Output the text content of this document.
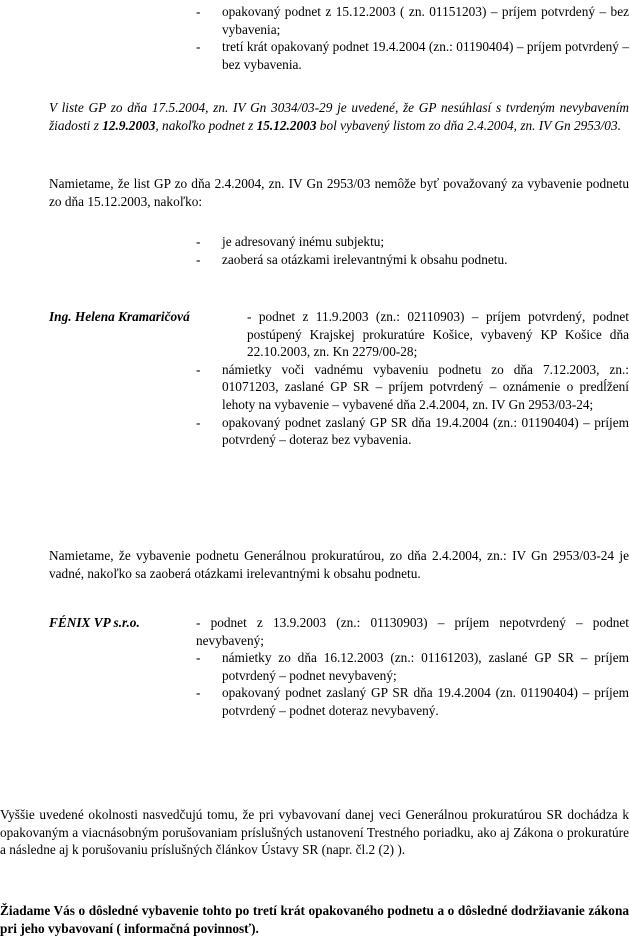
- opakovaný podnet z 15.12.2003 ( zn. 01151203) – príjem potvrdený – bez vybavenia;
- tretí krát opakovaný podnet 19.4.2004 (zn.: 01190404) – príjem potvrdený – bez vybavenia.

V liste GP zo dňa 17.5.2004, zn. IV Gn 3034/03-29 je uvedené, že GP nesúhlasí s tvrdeným nevybavením žiadosti z 12.9.2003, nakoľko podnet z 15.12.2003 bol vybavený listom zo dňa 2.4.2004, zn. IV Gn 2953/03.

Namietame, že list GP zo dňa 2.4.2004, zn. IV Gn 2953/03 nemôže byť považovaný za vybavenie podnetu zo dňa 15.12.2003, nakoľko:

- je adresovaný inému subjektu;
- zaoberá sa otázkami irelevantnými k obsahu podnetu.
Ing. Helena Kramaričová	- podnet z 11.9.2003 (zn.: 02110903) – príjem potvrdený, podnet postúpený Krajskej prokuratúre Košice, vybavený KP Košice dňa 22.10.2003, zn. Kn 2279/00-28;
- námietky voči vadnému vybaveniu podnetu zo dňa 7.12.2003, zn.: 01071203, zaslané GP SR – príjem potvrdený – oznámenie o predĺžení lehoty na vybavenie – vybavené dňa 2.4.2004, zn. IV Gn 2953/03-24;
- opakovaný podnet zaslaný GP SR dňa 19.4.2004 (zn.: 01190404) – príjem potvrdený – doteraz bez vybavenia.

Namietame, že vybavenie podnetu Generálnou prokuratúrou, zo dňa 2.4.2004, zn.: IV Gn 2953/03-24 je vadné, nakoľko sa zaoberá otázkami irelevantnými k obsahu podnetu.

FÉNIX VP s.r.o.	- podnet z 13.9.2003 (zn.: 01130903) – príjem nepotvrdený – podnet nevybavený;
- námietky zo dňa 16.12.2003 (zn.: 01161203), zaslané GP SR – príjem potvrdený – podnet nevybavený;
- opakovaný podnet zaslaný GP SR dňa 19.4.2004 (zn. 01190404) – príjem potvrdený – podnet doteraz nevybavený.

Vyššie uvedené okolnosti nasvedčujú tomu, že pri vybavovaní danej veci Generálnou prokuratúrou SR dochádza k opakovaným a viacnásobným porušovaniam príslušných ustanovení Trestného poriadku, ako aj Zákona o prokuratúre a následne aj k porušovaniu príslušných článkov Ústavy SR (napr. čl.2 (2) ).

Žiadame Vás o dôsledné vybavenie tohto po tretí krát opakovaného podnetu a o dôsledné dodržiavanie zákona pri jeho vybavovaní ( informačná povinnosť).
